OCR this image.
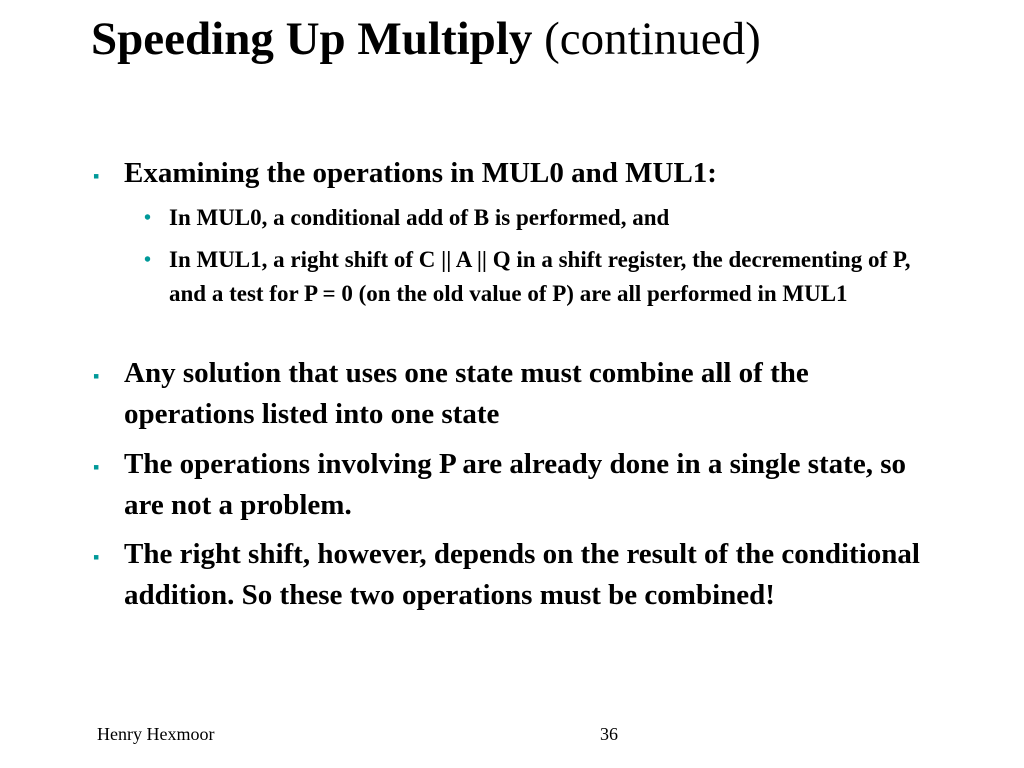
Speeding Up Multiply (continued)
▪ Examining the operations in MUL0 and MUL1:
• In MUL0, a conditional add of B is performed, and
• In MUL1, a right shift of C || A || Q in a shift register, the decrementing of P, and a test for P = 0 (on the old value of P) are all performed in MUL1
▪ Any solution that uses one state must combine all of the operations listed into one state
▪ The operations involving P are already done in a single state, so are not a problem.
▪ The right shift, however, depends on the result of the conditional addition. So these two operations must be combined!
Henry Hexmoor	36
